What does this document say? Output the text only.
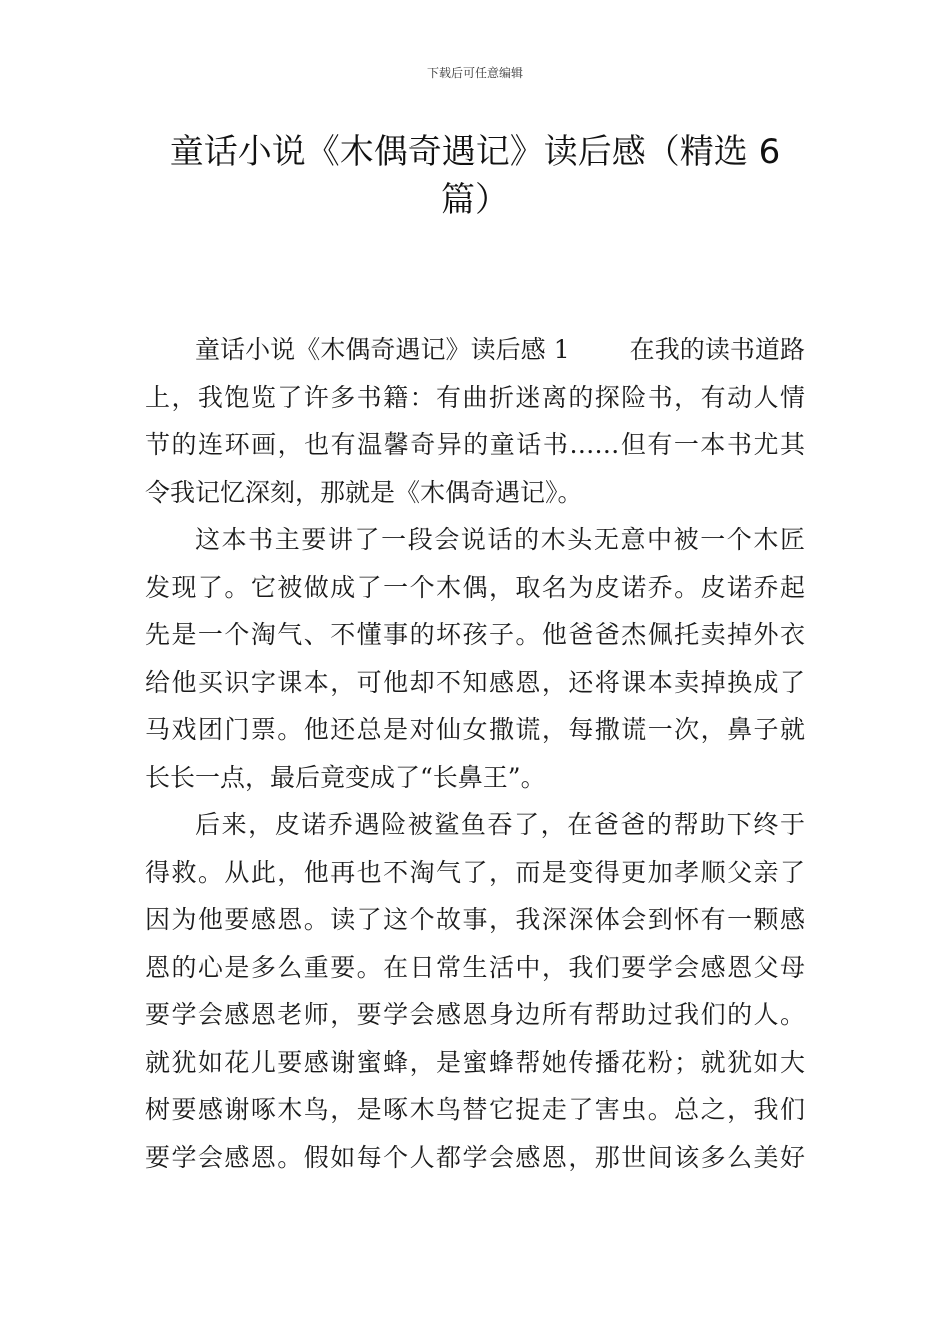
下载后可任意编辑
童话小说《木偶奇遇记》读后感（精选 6
篇）

童话小说《木偶奇遇记》读后感 1 在我的读书道路
上，我饱览了许多书籍：有曲折迷离的探险书，有动人情
节的连环画，也有温馨奇异的童话书……但有一本书尤其
令我记忆深刻，那就是《木偶奇遇记》。

这本书主要讲了一段会说话的木头无意中被一个木匠
发现了。它被做成了一个木偶，取名为皮诺乔。皮诺乔起
先是一个淘气、不懂事的坏孩子。他爸爸杰佩托卖掉外衣
给他买识字课本，可他却不知感恩，还将课本卖掉换成了
马戏团门票。他还总是对仙女撒谎，每撒谎一次，鼻子就
长长一点，最后竟变成了“长鼻王”。

后来，皮诺乔遇险被鲨鱼吞了，在爸爸的帮助下终于
得救。从此，他再也不淘气了，而是变得更加孝顺父亲了
因为他要感恩。读了这个故事，我深深体会到怀有一颗感
恩的心是多么重要。在日常生活中，我们要学会感恩父母
要学会感恩老师，要学会感恩身边所有帮助过我们的人。
就犹如花儿要感谢蜜蜂，是蜜蜂帮她传播花粉；就犹如大
树要感谢啄木鸟，是啄木鸟替它捉走了害虫。总之，我们
要学会感恩。假如每个人都学会感恩，那世间该多么美好
